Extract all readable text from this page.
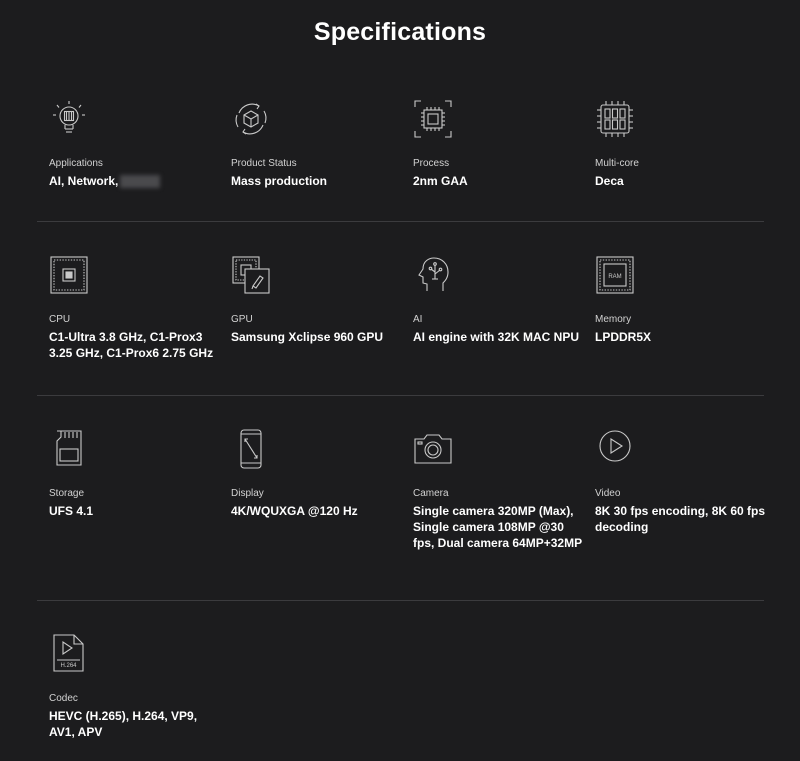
Specifications
Applications
AI, Network,
Product Status
Mass production
Process
2nm GAA
Multi-core
Deca
CPU
C1-Ultra 3.8 GHz, C1-Prox3 3.25 GHz, C1-Prox6 2.75 GHz
GPU
Samsung Xclipse 960 GPU
AI
AI engine with 32K MAC NPU
RAM
Memory
LPDDR5X
Storage
UFS 4.1
Display
4K/WQUXGA @120 Hz
Camera
Single camera 320MP (Max), Single camera 108MP @30 fps, Dual camera 64MP+32MP
Video
8K 30 fps encoding, 8K 60 fps decoding
H.264
Codec
HEVC (H.265), H.264, VP9, AV1, APV
